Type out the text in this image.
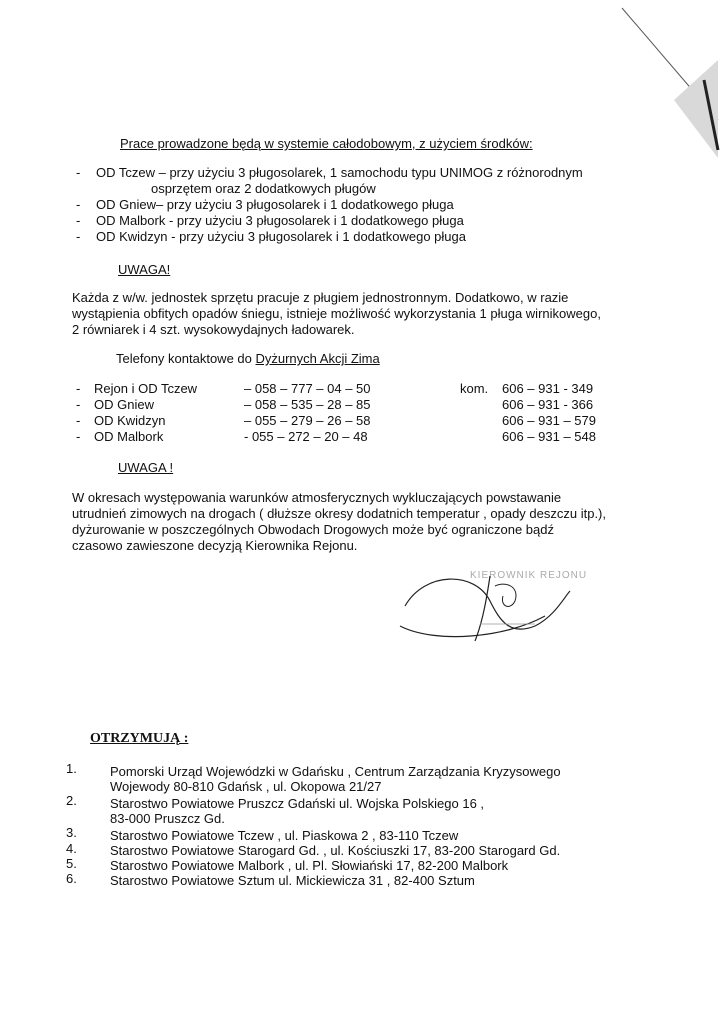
Prace prowadzone będą w systemie całodobowym, z użyciem środków:
- OD Tczew – przy użyciu 3 pługosolarek, 1 samochodu typu UNIMOG z różnorodnym
osprzętem oraz 2 dodatkowych pługów
- OD Gniew– przy użyciu 3 pługosolarek i 1 dodatkowego pługa
- OD Malbork - przy użyciu 3 pługosolarek i 1 dodatkowego pługa
- OD Kwidzyn - przy użyciu 3 pługosolarek i 1 dodatkowego pługa
UWAGA!
Każda z w/w. jednostek sprzętu pracuje z pługiem jednostronnym. Dodatkowo, w razie
wystąpienia obfitych opadów śniegu, istnieje możliwość wykorzystania 1 pługa wirnikowego,
2 równiarek i 4 szt. wysokowydajnych ładowarek.
Telefony kontaktowe do Dyżurnych Akcji Zima
- Rejon i OD Tczew	– 058 – 777 – 04 – 50	kom. 606 – 931 - 349
- OD Gniew	– 058 – 535 – 28 – 85	606 – 931 - 366
- OD Kwidzyn	– 055 – 279 – 26 – 58	606 – 931 – 579
- OD Malbork	- 055 – 272 – 20 – 48	606 – 931 – 548
UWAGA !
W okresach występowania warunków atmosferycznych wykluczających powstawanie
utrudnień zimowych na drogach ( dłuższe okresy dodatnich temperatur , opady deszczu itp.),
dyżurowanie w poszczególnych Obwodach Drogowych może być ograniczone bądź
czasowo zawieszone decyzją Kierownika Rejonu.
KIEROWNIK REJONU
OTRZYMUJĄ :
1.	Pomorski Urząd Wojewódzki w Gdańsku , Centrum Zarządzania Kryzysowego
Wojewody 80-810 Gdańsk , ul. Okopowa 21/27
2.	Starostwo Powiatowe Pruszcz Gdański ul. Wojska Polskiego 16 ,
83-000 Pruszcz Gd.
3.	Starostwo Powiatowe Tczew , ul. Piaskowa 2 , 83-110 Tczew
4.	Starostwo Powiatowe Starogard Gd. , ul. Kościuszki 17, 83-200 Starogard Gd.
5.	Starostwo Powiatowe Malbork , ul. Pl. Słowiański 17, 82-200 Malbork
6.	Starostwo Powiatowe Sztum ul. Mickiewicza 31 , 82-400 Sztum
